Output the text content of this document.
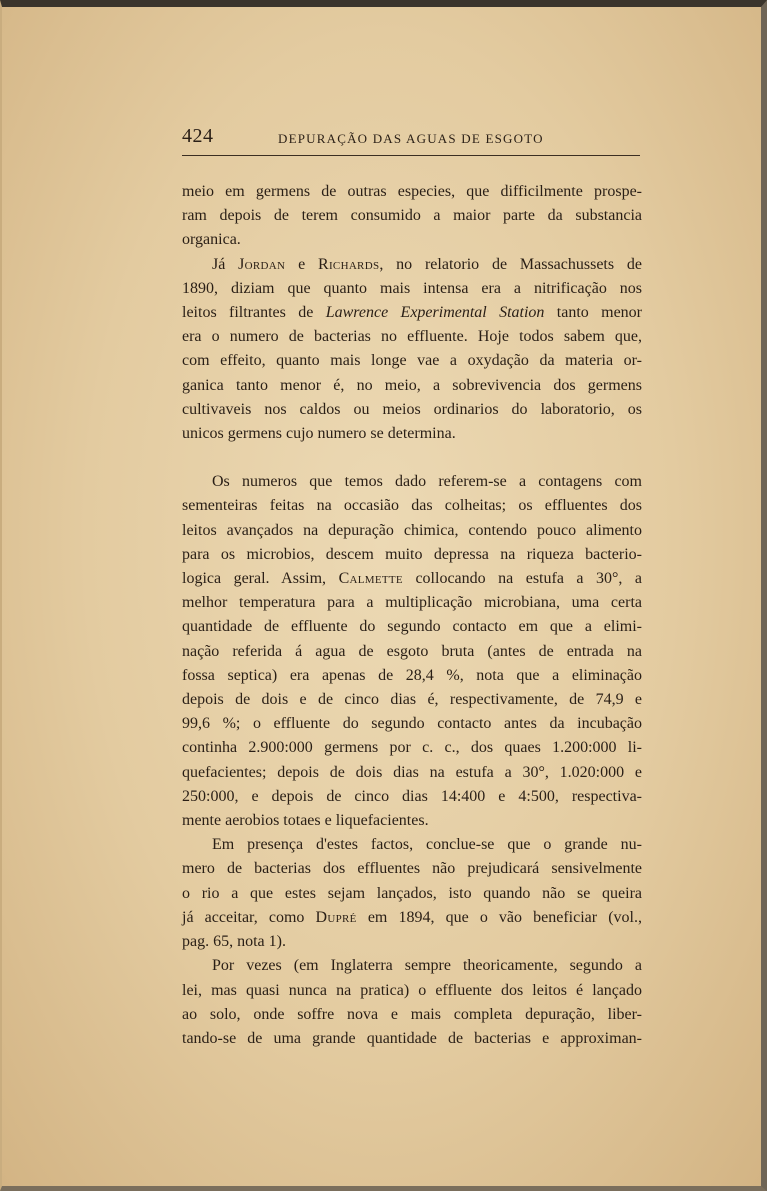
424	DEPURAÇÃO DAS AGUAS DE ESGOTO

meio em germens de outras especies, que difficilmente prospe-

ram depois de terem consumido a maior parte da substancia

organica.

Já Jordan e Richards, no relatorio de Massachussets de

1890, diziam que quanto mais intensa era a nitrificação nos

leitos filtrantes de Lawrence Experimental Station tanto menor

era o numero de bacterias no effluente. Hoje todos sabem que,

com effeito, quanto mais longe vae a oxydação da materia or-

ganica tanto menor é, no meio, a sobrevivencia dos germens

cultivaveis nos caldos ou meios ordinarios do laboratorio, os

unicos germens cujo numero se determina.

Os numeros que temos dado referem-se a contagens com

sementeiras feitas na occasião das colheitas; os effluentes dos

leitos avançados na depuração chimica, contendo pouco alimento

para os microbios, descem muito depressa na riqueza bacterio-

logica geral. Assim, Calmette collocando na estufa a 30°, a

melhor temperatura para a multiplicação microbiana, uma certa

quantidade de effluente do segundo contacto em que a elimi-

nação referida á agua de esgoto bruta (antes de entrada na

fossa septica) era apenas de 28,4 %, nota que a eliminação

depois de dois e de cinco dias é, respectivamente, de 74,9 e

99,6 %; o effluente do segundo contacto antes da incubação

continha 2.900:000 germens por c. c., dos quaes 1.200:000 li-

quefacientes; depois de dois dias na estufa a 30°, 1.020:000 e

250:000, e depois de cinco dias 14:400 e 4:500, respectiva-

mente aerobios totaes e liquefacientes.

Em presença d'estes factos, conclue-se que o grande nu-

mero de bacterias dos effluentes não prejudicará sensivelmente

o rio a que estes sejam lançados, isto quando não se queira

já acceitar, como Dupré em 1894, que o vão beneficiar (vol.,

pag. 65, nota 1).

Por vezes (em Inglaterra sempre theoricamente, segundo a

lei, mas quasi nunca na pratica) o effluente dos leitos é lançado

ao solo, onde soffre nova e mais completa depuração, liber-

tando-se de uma grande quantidade de bacterias e approximan-
